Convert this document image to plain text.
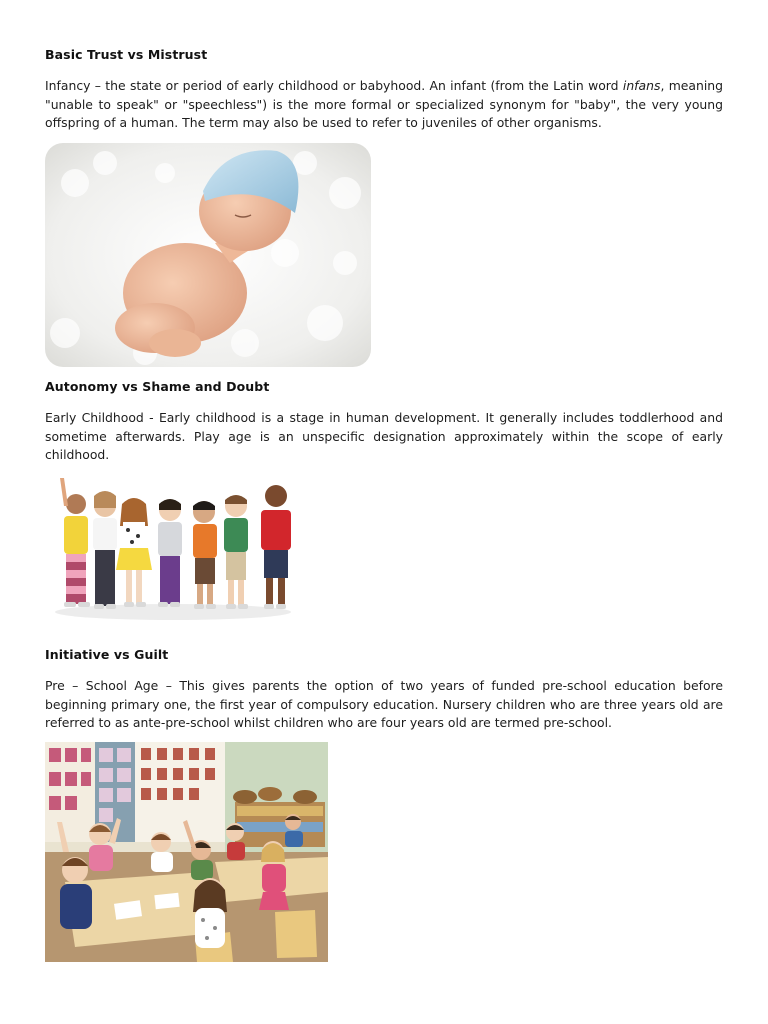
Basic Trust vs Mistrust

Infancy – the state or period of early childhood or babyhood. An infant (from the Latin word infans, meaning "unable to speak" or "speechless") is the more formal or specialized synonym for "baby", the very young offspring of a human. The term may also be used to refer to juveniles of other organisms.

Autonomy vs Shame and Doubt

Early Childhood - Early childhood is a stage in human development. It generally includes toddlerhood and sometime afterwards. Play age is an unspecific designation approximately within the scope of early childhood.

Initiative vs Guilt

Pre – School Age – This gives parents the option of two years of funded pre-school education before beginning primary one, the first year of compulsory education. Nursery children who are three years old are referred to as ante-pre-school whilst children who are four years old are termed pre-school.
